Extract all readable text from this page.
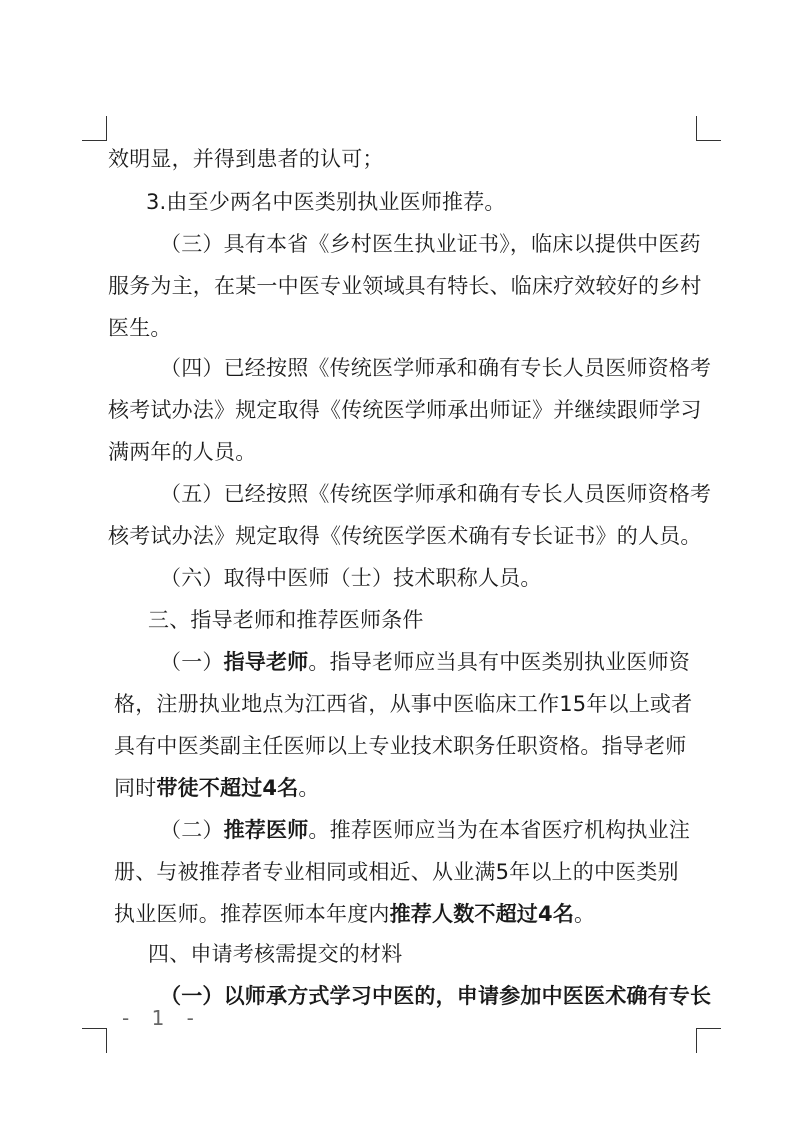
效明显，并得到患者的认可；
3.由至少两名中医类别执业医师推荐。
（三）具有本省《乡村医生执业证书》，临床以提供中医药
服务为主，在某一中医专业领域具有特长、临床疗效较好的乡村
医生。
（四）已经按照《传统医学师承和确有专长人员医师资格考
核考试办法》规定取得《传统医学师承出师证》并继续跟师学习
满两年的人员。
（五）已经按照《传统医学师承和确有专长人员医师资格考
核考试办法》规定取得《传统医学医术确有专长证书》的人员。
（六）取得中医师（士）技术职称人员。
三、指导老师和推荐医师条件
（一）指导老师。指导老师应当具有中医类别执业医师资
格，注册执业地点为江西省，从事中医临床工作15年以上或者
具有中医类副主任医师以上专业技术职务任职资格。指导老师
同时带徒不超过4名。
（二）推荐医师。推荐医师应当为在本省医疗机构执业注
册、与被推荐者专业相同或相近、从业满5年以上的中医类别
执业医师。推荐医师本年度内推荐人数不超过4名。
四、申请考核需提交的材料
（一）以师承方式学习中医的，申请参加中医医术确有专长
- 1 -
